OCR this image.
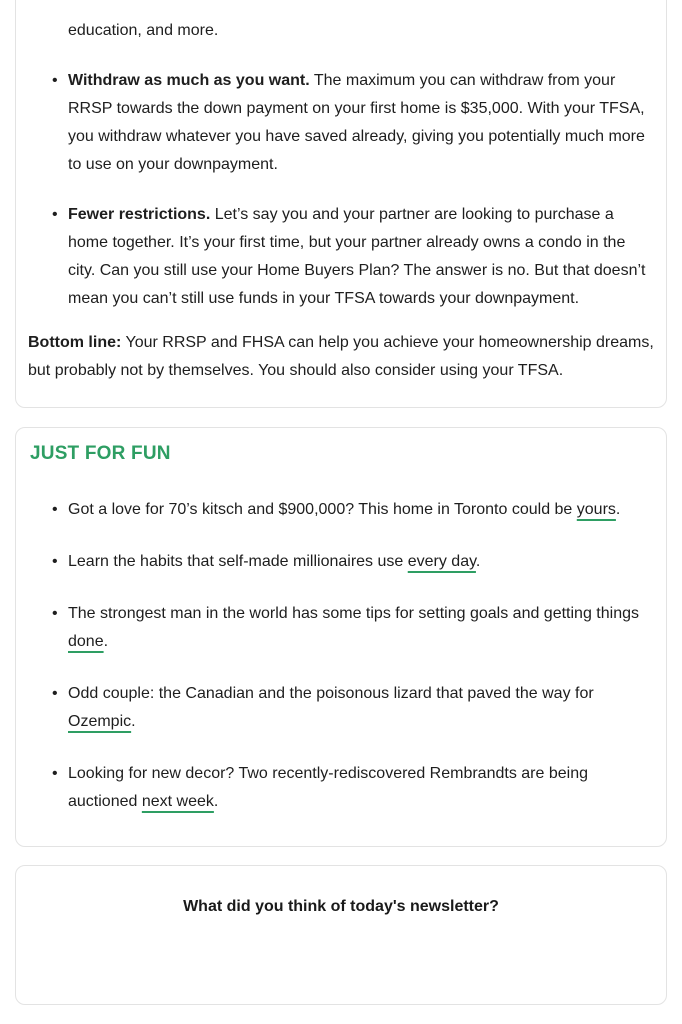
education, and more.

• Withdraw as much as you want. The maximum you can withdraw from your RRSP towards the down payment on your first home is $35,000. With your TFSA, you withdraw whatever you have saved already, giving you potentially much more to use on your downpayment.
• Fewer restrictions. Let’s say you and your partner are looking to purchase a home together. It’s your first time, but your partner already owns a condo in the city. Can you still use your Home Buyers Plan? The answer is no. But that doesn’t mean you can’t still use funds in your TFSA towards your downpayment.

Bottom line: Your RRSP and FHSA can help you achieve your homeownership dreams, but probably not by themselves. You should also consider using your TFSA.

JUST FOR FUN
• Got a love for 70’s kitsch and $900,000? This home in Toronto could be yours.
• Learn the habits that self-made millionaires use every day.
• The strongest man in the world has some tips for setting goals and getting things done.
• Odd couple: the Canadian and the poisonous lizard that paved the way for Ozempic.
• Looking for new decor? Two recently-rediscovered Rembrandts are being auctioned next week.
What did you think of today's newsletter?
